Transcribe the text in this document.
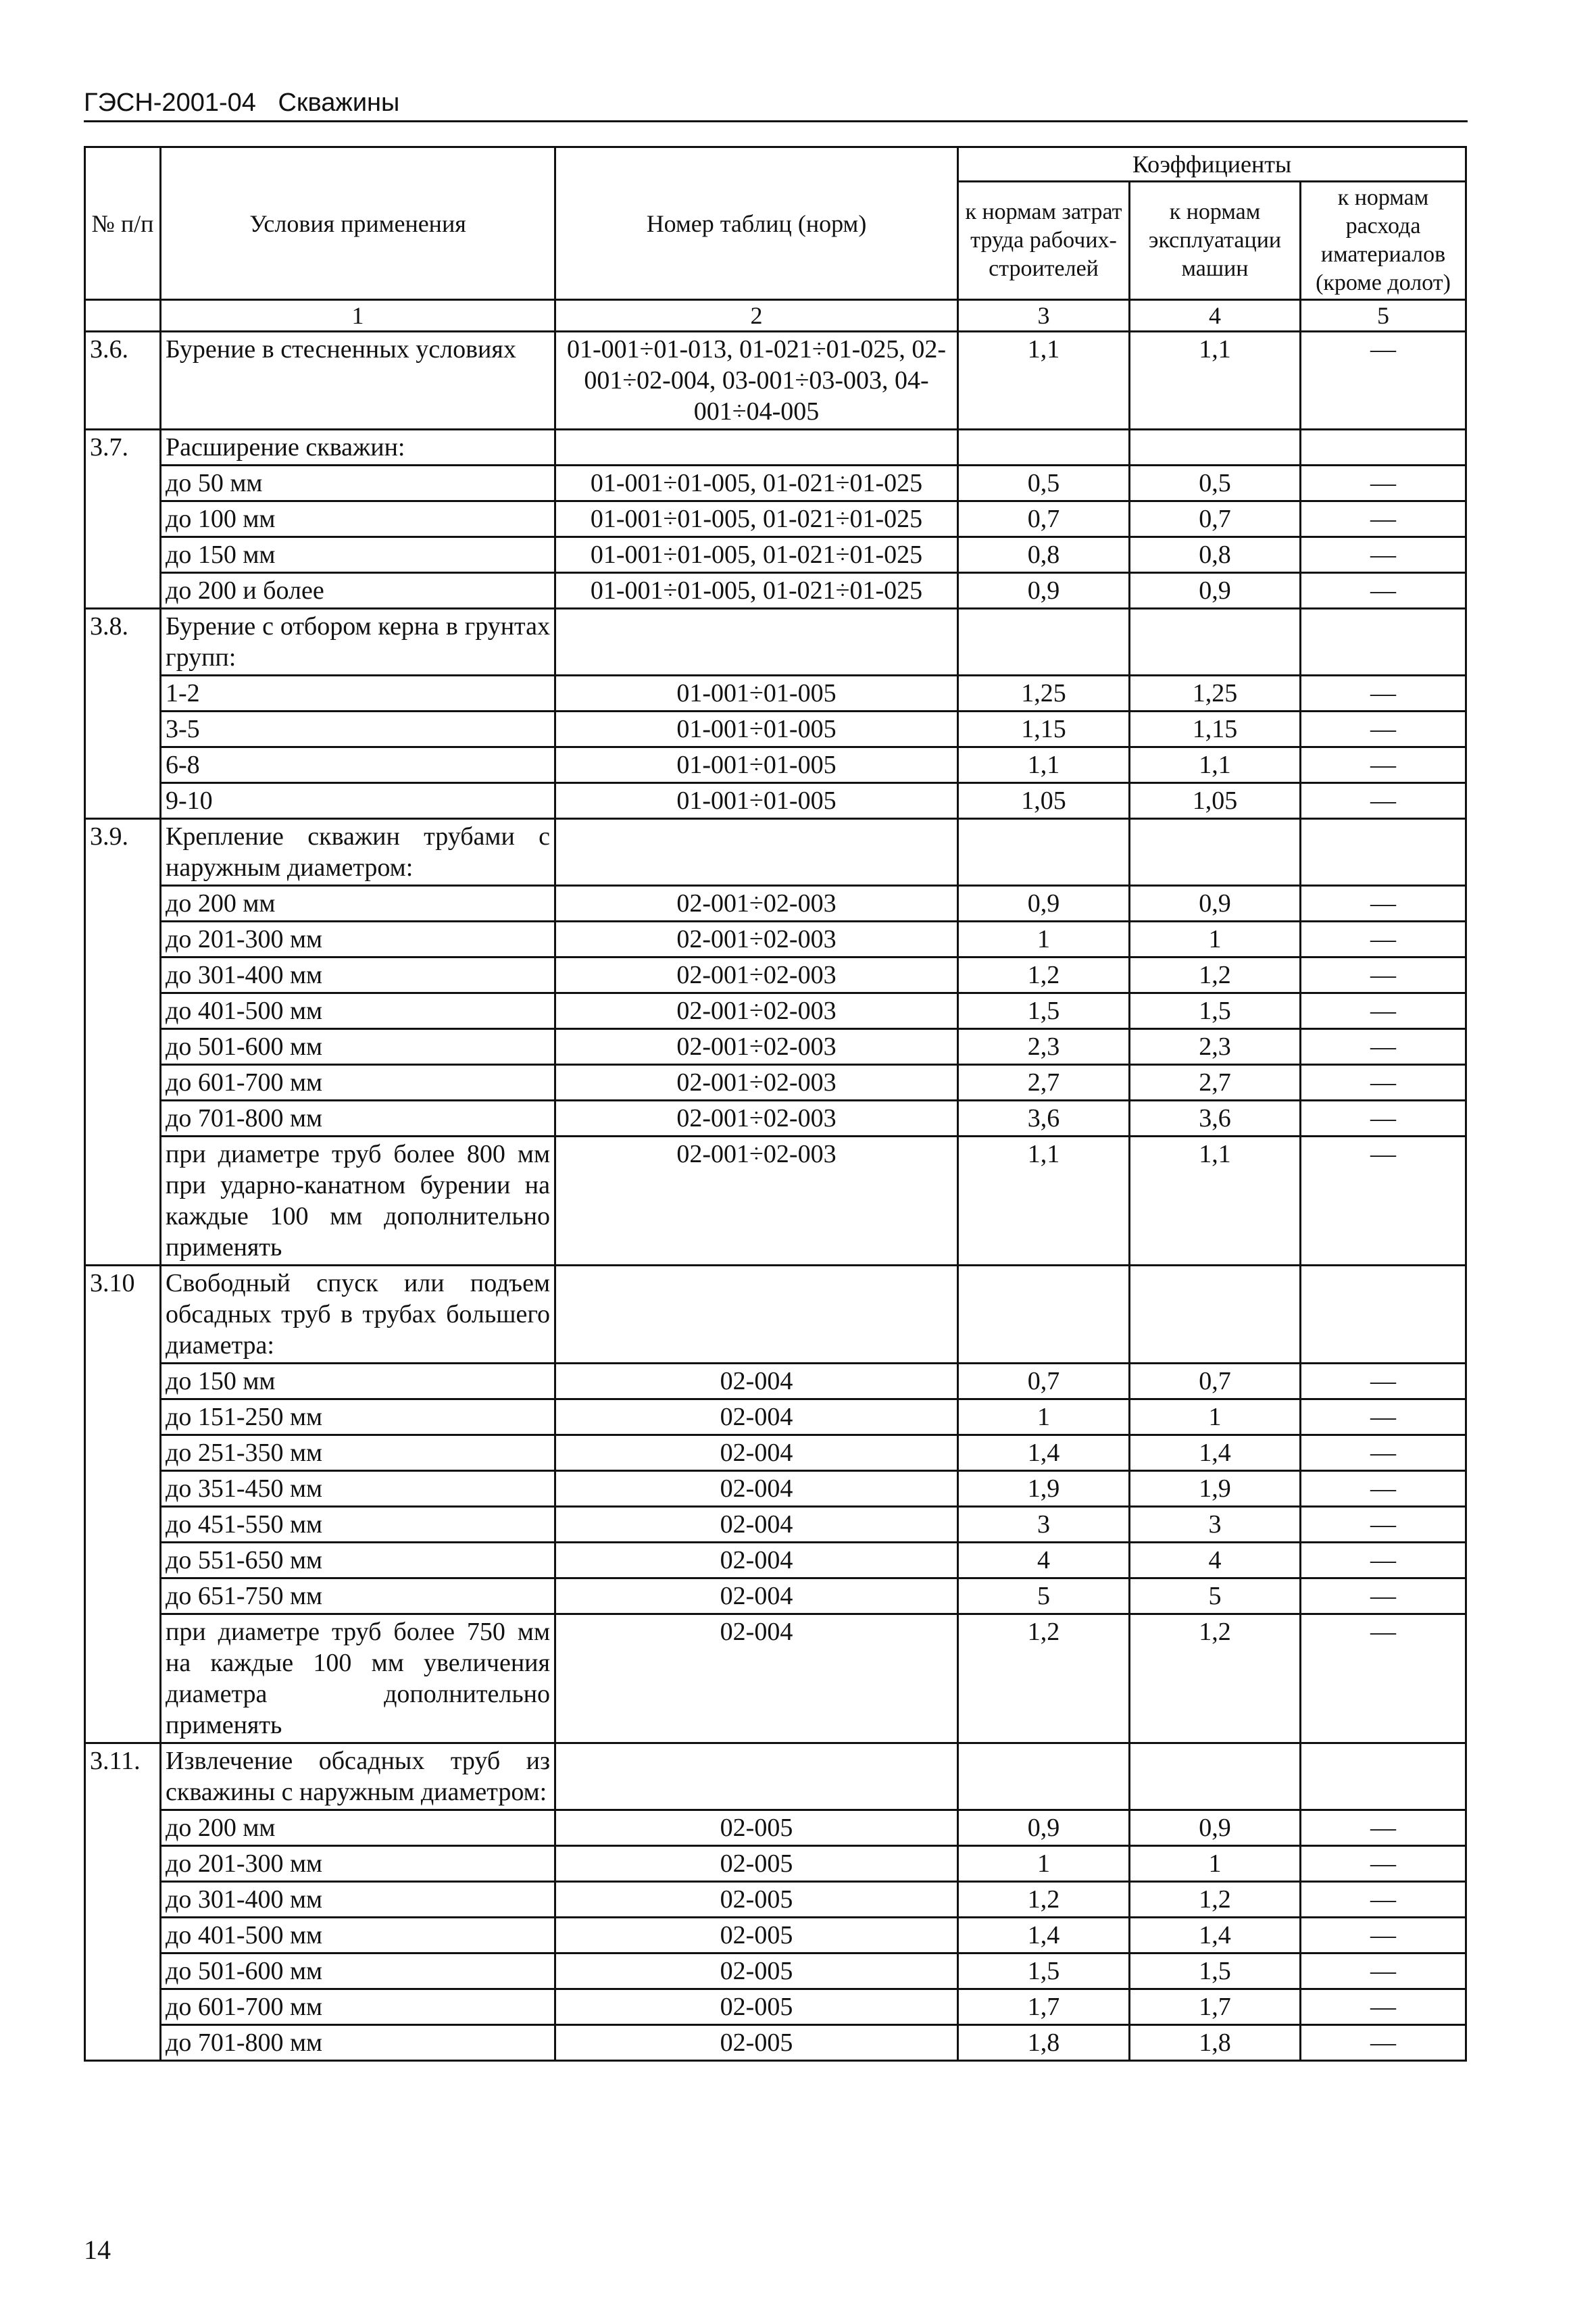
ГЭСН-2001-04 Скважины
№ п/п	Условия применения	Номер таблиц (норм)	Коэффициенты		
			к нормам затрат труда рабочих-строителей	к нормам эксплуатации машин	к нормам расхода иматериалов (кроме долот)
	1	2	3	4	5
3.6.	Бурение в стесненных условиях	01-001÷01-013, 01-021÷01-025, 02-001÷02-004, 03-001÷03-003, 04-001÷04-005	1,1	1,1	—
3.7.	Расширение скважин:				
	до 50 мм	01-001÷01-005, 01-021÷01-025	0,5	0,5	—
	до 100 мм	01-001÷01-005, 01-021÷01-025	0,7	0,7	—
	до 150 мм	01-001÷01-005, 01-021÷01-025	0,8	0,8	—
	до 200 и более	01-001÷01-005, 01-021÷01-025	0,9	0,9	—
3.8.	Бурение с отбором керна в грунтах групп:				
	1-2	01-001÷01-005	1,25	1,25	—
	3-5	01-001÷01-005	1,15	1,15	—
	6-8	01-001÷01-005	1,1	1,1	—
	9-10	01-001÷01-005	1,05	1,05	—
3.9.	Крепление скважин трубами с наружным диаметром:				
	до 200 мм	02-001÷02-003	0,9	0,9	—
	до 201-300 мм	02-001÷02-003	1	1	—
	до 301-400 мм	02-001÷02-003	1,2	1,2	—
	до 401-500 мм	02-001÷02-003	1,5	1,5	—
	до 501-600 мм	02-001÷02-003	2,3	2,3	—
	до 601-700 мм	02-001÷02-003	2,7	2,7	—
	до 701-800 мм	02-001÷02-003	3,6	3,6	—
	при диаметре труб более 800 мм при ударно-канатном бурении на каждые 100 мм дополнительно применять	02-001÷02-003	1,1	1,1	—
3.10	Свободный спуск или подъем обсадных труб в трубах большего диаметра:				
	до 150 мм	02-004	0,7	0,7	—
	до 151-250 мм	02-004	1	1	—
	до 251-350 мм	02-004	1,4	1,4	—
	до 351-450 мм	02-004	1,9	1,9	—
	до 451-550 мм	02-004	3	3	—
	до 551-650 мм	02-004	4	4	—
	до 651-750 мм	02-004	5	5	—
	при диаметре труб более 750 мм на каждые 100 мм увеличения диаметра дополнительно применять	02-004	1,2	1,2	—
3.11.	Извлечение обсадных труб из скважины с наружным диаметром:				
	до 200 мм	02-005	0,9	0,9	—
	до 201-300 мм	02-005	1	1	—
	до 301-400 мм	02-005	1,2	1,2	—
	до 401-500 мм	02-005	1,4	1,4	—
	до 501-600 мм	02-005	1,5	1,5	—
	до 601-700 мм	02-005	1,7	1,7	—
	до 701-800 мм	02-005	1,8	1,8	—
14
